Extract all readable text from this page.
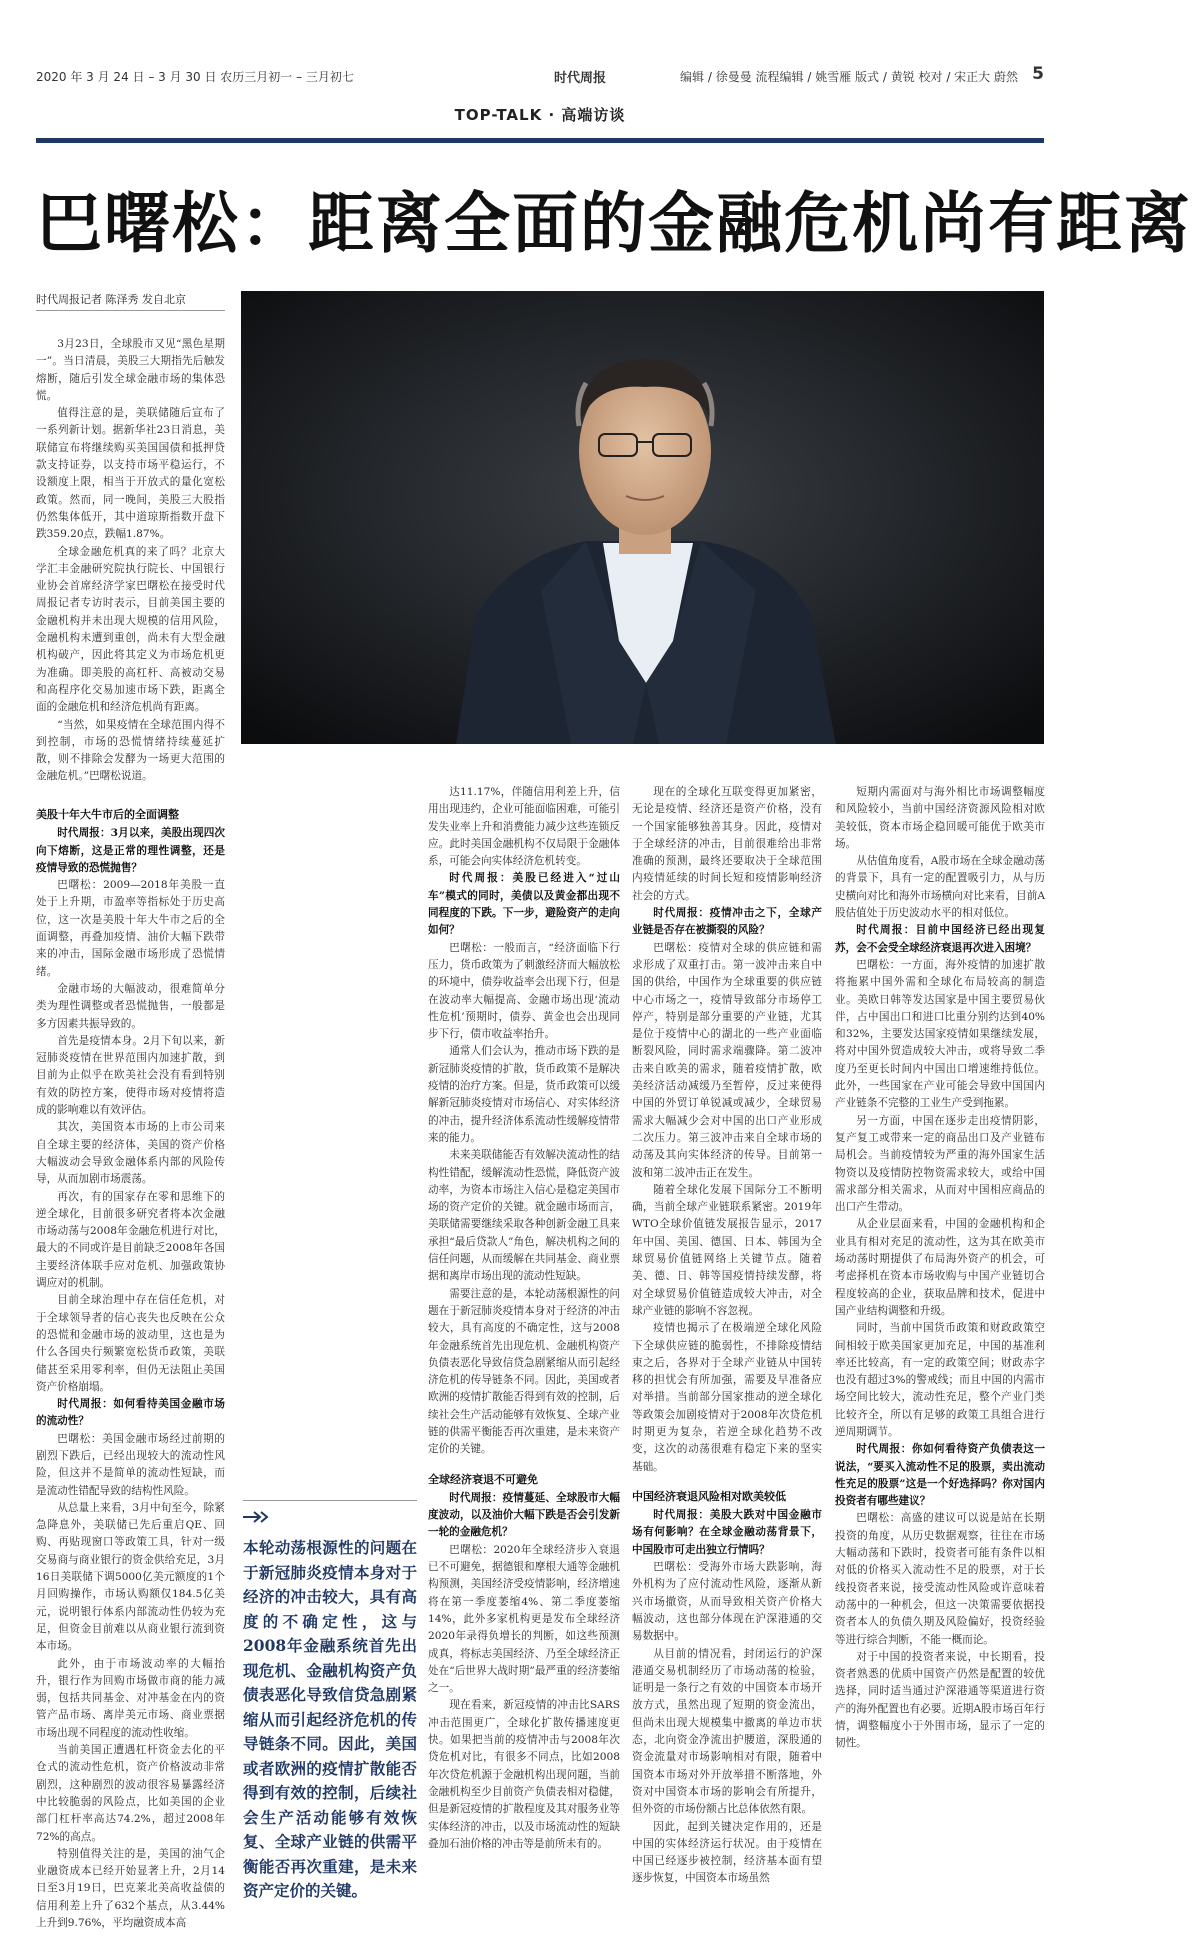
2020 年 3 月 24 日 – 3 月 30 日 农历三月初一 – 三月初七	时代周报	编辑 / 徐曼曼 流程编辑 / 姚雪雁 版式 / 黄锐 校对 / 宋正大 蔚然 5
TOP-TALK · 高端访谈
巴曙松：距离全面的金融危机尚有距离
时代周报记者 陈泽秀 发自北京

3月23日，全球股市又见“黑色星期一”。当日清晨，美股三大期指先后触发熔断，随后引发全球金融市场的集体恐慌。

值得注意的是，美联储随后宣布了一系列新计划。据新华社23日消息，美联储宣布将继续购买美国国债和抵押贷款支持证券，以支持市场平稳运行，不设额度上限，相当于开放式的量化宽松政策。然而，同一晚间，美股三大股指仍然集体低开，其中道琼斯指数开盘下跌359.20点，跌幅1.87%。

全球金融危机真的来了吗？北京大学汇丰金融研究院执行院长、中国银行业协会首席经济学家巴曙松在接受时代周报记者专访时表示，目前美国主要的金融机构并未出现大规模的信用风险，金融机构未遭到重创，尚未有大型金融机构破产，因此将其定义为市场危机更为准确。即美股的高杠杆、高被动交易和高程序化交易加速市场下跌，距离全面的金融危机和经济危机尚有距离。

“当然，如果疫情在全球范围内得不到控制，市场的恐慌情绪持续蔓延扩散，则不排除会发酵为一场更大范围的金融危机。”巴曙松说道。

美股十年大牛市后的全面调整

时代周报：3月以来，美股出现四次向下熔断，这是正常的理性调整，还是疫情导致的恐慌抛售？

巴曙松：2009—2018年美股一直处于上升期，市盈率等指标处于历史高位，这一次是美股十年大牛市之后的全面调整，再叠加疫情、油价大幅下跌带来的冲击，国际金融市场形成了恐慌情绪。

金融市场的大幅波动，很难简单分类为理性调整或者恐慌抛售，一般都是多方因素共振导致的。

首先是疫情本身。2月下旬以来，新冠肺炎疫情在世界范围内加速扩散，到目前为止似乎在欧美社会没有看到特别有效的防控方案，使得市场对疫情将造成的影响难以有效评估。

其次，美国资本市场的上市公司来自全球主要的经济体，美国的资产价格大幅波动会导致金融体系内部的风险传导，从而加剧市场震荡。

再次，有的国家存在零和思维下的逆全球化，目前很多研究者将本次金融市场动荡与2008年金融危机进行对比，最大的不同或许是目前缺乏2008年各国主要经济体联手应对危机、加强政策协调应对的机制。

目前全球治理中存在信任危机，对于全球领导者的信心丧失也反映在公众的恐慌和金融市场的波动里，这也是为什么各国央行频繁宽松货币政策，美联储甚至采用零利率，但仍无法阻止美国资产价格崩塌。

时代周报：如何看待美国金融市场的流动性？

巴曙松：美国金融市场经过前期的剧烈下跌后，已经出现较大的流动性风险，但这并不是简单的流动性短缺，而是流动性错配导致的结构性风险。

从总量上来看，3月中旬至今，除紧急降息外，美联储已先后重启QE、回购、再贴现窗口等政策工具，针对一级交易商与商业银行的资金供给充足，3月16日美联储下调5000亿美元额度的1个月回购操作，市场认购额仅184.5亿美元，说明银行体系内部流动性仍较为充足，但资金目前难以从商业银行流到资本市场。

此外，由于市场波动率的大幅抬升，银行作为回购市场做市商的能力减弱，包括共同基金、对冲基金在内的资管产品市场、离岸美元市场、商业票据市场出现不同程度的流动性收缩。

当前美国正遭遇杠杆资金去化的平仓式的流动性危机，资产价格波动非常剧烈，这种剧烈的波动很容易暴露经济中比较脆弱的风险点，比如美国的企业部门杠杆率高达74.2%，超过2008年72%的高点。

特别值得关注的是，美国的油气企业融资成本已经开始显著上升，2月14日至3月19日，巴克莱北美高收益债的信用利差上升了632个基点，从3.44%上升到9.76%，平均融资成本高

本轮动荡根源性的问题在于新冠肺炎疫情本身对于经济的冲击较大，具有高度的不确定性，这与2008年金融系统首先出现危机、金融机构资产负债表恶化导致信贷急剧紧缩从而引起经济危机的传导链条不同。因此，美国或者欧洲的疫情扩散能否得到有效的控制，后续社会生产活动能够有效恢复、全球产业链的供需平衡能否再次重建，是未来资产定价的关键。

达11.17%，伴随信用利差上升，信用出现违约，企业可能面临困难，可能引发失业率上升和消费能力减少这些连锁反应。此时美国金融机构不仅局限于金融体系，可能会向实体经济危机转变。

时代周报：美股已经进入“过山车”模式的同时，美债以及黄金都出现不同程度的下跌。下一步，避险资产的走向如何？

巴曙松：一般而言，“经济面临下行压力，货币政策为了刺激经济而大幅放松的环境中，债券收益率会出现下行，但是在波动率大幅提高、金融市场出现‘流动性危机’预期时，债券、黄金也会出现同步下行，债市收益率抬升。

通常人们会认为，推动市场下跌的是新冠肺炎疫情的扩散，货币政策不是解决疫情的治疗方案。但是，货币政策可以缓解新冠肺炎疫情对市场信心、对实体经济的冲击，提升经济体系流动性缓解疫情带来的能力。

未来美联储能否有效解决流动性的结构性错配，缓解流动性恐慌，降低资产波动率，为资本市场注入信心是稳定美国市场的资产定价的关键。就金融市场而言，美联储需要继续采取各种创新金融工具来承担“最后贷款人”角色，解决机构之间的信任问题，从而缓解在共同基金、商业票据和离岸市场出现的流动性短缺。

需要注意的是，本轮动荡根源性的问题在于新冠肺炎疫情本身对于经济的冲击较大，具有高度的不确定性，这与2008年金融系统首先出现危机、金融机构资产负债表恶化导致信贷急剧紧缩从而引起经济危机的传导链条不同。因此，美国或者欧洲的疫情扩散能否得到有效的控制，后续社会生产活动能够有效恢复、全球产业链的供需平衡能否再次重建，是未来资产定价的关键。

全球经济衰退不可避免

时代周报：疫情蔓延、全球股市大幅度波动，以及油价大幅下跌是否会引发新一轮的金融危机？

巴曙松：2020年全球经济步入衰退已不可避免，据德银和摩根大通等金融机构预测，美国经济受疫情影响，经济增速将在第一季度萎缩4%、第二季度萎缩14%，此外多家机构更是发布全球经济2020年录得负增长的判断，如这些预测成真，将标志美国经济、乃至全球经济正处在“后世界大战时期”最严重的经济萎缩之一。

现在看来，新冠疫情的冲击比SARS冲击范围更广，全球化扩散传播速度更快。如果把当前的疫情冲击与2008年次贷危机对比，有很多不同点，比如2008年次贷危机源于金融机构出现问题，当前金融机构至少目前资产负债表相对稳健，但是新冠疫情的扩散程度及其对服务业等实体经济的冲击，以及市场流动性的短缺叠加石油价格的冲击等是前所未有的。

现在的全球化互联变得更加紧密，无论是疫情、经济还是资产价格，没有一个国家能够独善其身。因此，疫情对于全球经济的冲击，目前很难给出非常准确的预测，最终还要取决于全球范围内疫情延续的时间长短和疫情影响经济社会的方式。

时代周报：疫情冲击之下，全球产业链是否存在被撕裂的风险？

巴曙松：疫情对全球的供应链和需求形成了双重打击。第一波冲击来自中国的供给，中国作为全球重要的供应链中心市场之一，疫情导致部分市场停工停产，特别是部分重要的产业链，尤其是位于疫情中心的湖北的一些产业面临断裂风险，同时需求端骤降。第二波冲击来自欧美的需求，随着疫情扩散，欧美经济活动减缓乃至暂停，反过来使得中国的外贸订单锐减或减少，全球贸易需求大幅减少会对中国的出口产业形成二次压力。第三波冲击来自全球市场的动荡及其向实体经济的传导。目前第一波和第二波冲击正在发生。

随着全球化发展下国际分工不断明确，当前全球产业链联系紧密。2019年WTO全球价值链发展报告显示，2017年中国、美国、德国、日本、韩国为全球贸易价值链网络上关键节点。随着美、德、日、韩等国疫情持续发酵，将对全球贸易价值链造成较大冲击，对全球产业链的影响不容忽视。

疫情也揭示了在极端逆全球化风险下全球供应链的脆弱性，不排除疫情结束之后，各界对于全球产业链从中国转移的担忧会有所加强，需要及早准备应对举措。当前部分国家推动的逆全球化等政策会加剧疫情对于2008年次贷危机时期更为复杂，若逆全球化趋势不改变，这次的动荡很难有稳定下来的坚实基础。

中国经济衰退风险相对欧美较低

时代周报：美股大跌对中国金融市场有何影响？在全球金融动荡背景下，中国股市可走出独立行情吗？

巴曙松：受海外市场大跌影响，海外机构为了应付流动性风险，逐渐从新兴市场撤资，从而导致相关资产价格大幅波动，这也部分体现在沪深港通的交易数据中。

从目前的情况看，封闭运行的沪深港通交易机制经历了市场动荡的检验，证明是一条行之有效的中国资本市场开放方式，虽然出现了短期的资金流出，但尚未出现大规模集中撤离的单边市状态，北向资金净流出护腰道，深股通的资金流量对市场影响相对有限，随着中国资本市场对外开放举措不断落地，外资对中国资本市场的影响会有所提升，但外资的市场份额占比总体依然有限。

因此，起到关键决定作用的，还是中国的实体经济运行状况。由于疫情在中国已经逐步被控制，经济基本面有望逐步恢复，中国资本市场虽然

短期内需面对与海外相比市场调整幅度和风险较小，当前中国经济资源风险相对欧美较低，资本市场企稳回暖可能优于欧美市场。

从估值角度看，A股市场在全球金融动荡的背景下，具有一定的配置吸引力，从与历史横向对比和海外市场横向对比来看，目前A股估值处于历史波动水平的相对低位。

时代周报：目前中国经济已经出现复苏，会不会受全球经济衰退再次进入困境？

巴曙松：一方面，海外疫情的加速扩散将拖累中国外需和全球化布局较高的制造业。美欧日韩等发达国家是中国主要贸易伙伴，占中国出口和进口比重分别约达到40%和32%，主要发达国家疫情如果继续发展，将对中国外贸造成较大冲击，或将导致二季度乃至更长时间内中国出口增速维持低位。此外，一些国家在产业可能会导致中国国内产业链条不完整的工业生产受到拖累。

另一方面，中国在逐步走出疫情阴影，复产复工或带来一定的商品出口及产业链布局机会。当前疫情较为严重的海外国家生活物资以及疫情防控物资需求较大，或给中国需求部分相关需求，从而对中国相应商品的出口产生带动。

从企业层面来看，中国的金融机构和企业具有相对充足的流动性，这为其在欧美市场动荡时期提供了布局海外资产的机会，可考虑择机在资本市场收购与中国产业链切合程度较高的企业，获取品牌和技术，促进中国产业结构调整和升级。

同时，当前中国货币政策和财政政策空间相较于欧美国家更加充足，中国的基准利率还比较高，有一定的政策空间；财政赤字也没有超过3%的警戒线；而且中国的内需市场空间比较大，流动性充足，整个产业门类比较齐全，所以有足够的政策工具组合进行逆周期调节。

时代周报：你如何看待资产负债表这一说法，“要买入流动性不足的股票，卖出流动性充足的股票”这是一个好选择吗？你对国内投资者有哪些建议？

巴曙松：高盛的建议可以说是站在长期投资的角度，从历史数据观察，往往在市场大幅动荡和下跌时，投资者可能有条件以相对低的价格买入流动性不足的股票，对于长线投资者来说，接受流动性风险或许意味着动荡中的一种机会，但这一决策需要依据投资者本人的负债久期及风险偏好，投资经验等进行综合判断，不能一概而论。

对于中国的投资者来说，中长期看，投资者熟悉的优质中国资产仍然是配置的较优选择，同时适当通过沪深港通等渠道进行资产的海外配置也有必要。近期A股市场百年行情，调整幅度小于外围市场，显示了一定的韧性。
